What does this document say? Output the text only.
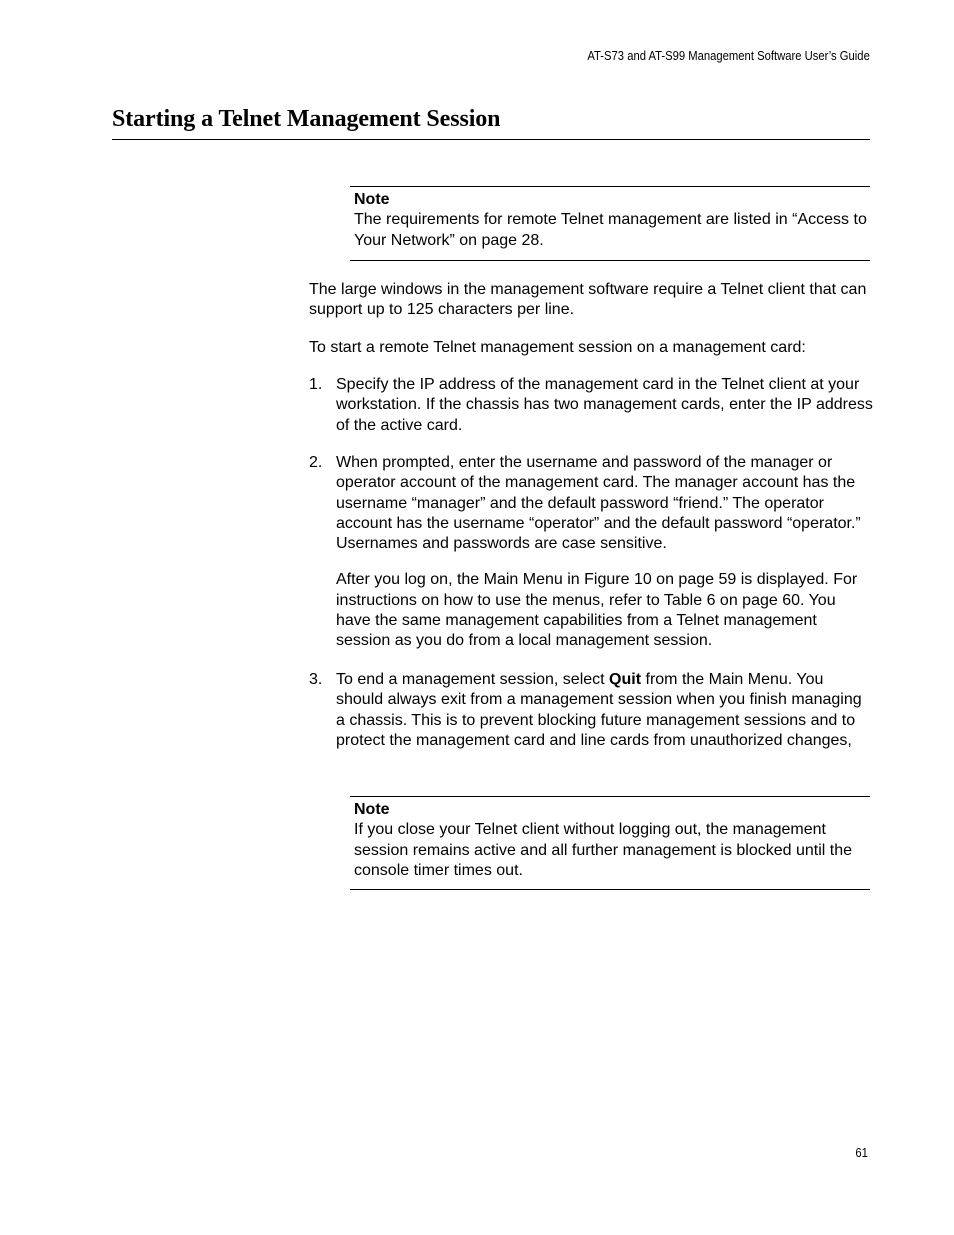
AT-S73 and AT-S99 Management Software User’s Guide
Starting a Telnet Management Session
Note

The requirements for remote Telnet management are listed in “Access to Your Network” on page 28.

The large windows in the management software require a Telnet client that can support up to 125 characters per line.

To start a remote Telnet management session on a management card:

1. Specify the IP address of the management card in the Telnet client at your workstation. If the chassis has two management cards, enter the IP address of the active card.

2. When prompted, enter the username and password of the manager or operator account of the management card. The manager account has the username “manager” and the default password “friend.” The operator account has the username “operator” and the default password “operator.” Usernames and passwords are case sensitive.

After you log on, the Main Menu in Figure 10 on page 59 is displayed. For instructions on how to use the menus, refer to Table 6 on page 60. You have the same management capabilities from a Telnet management session as you do from a local management session.

3. To end a management session, select Quit from the Main Menu. You should always exit from a management session when you finish managing a chassis. This is to prevent blocking future management sessions and to protect the management card and line cards from unauthorized changes,

Note

If you close your Telnet client without logging out, the management session remains active and all further management is blocked until the console timer times out.

61
